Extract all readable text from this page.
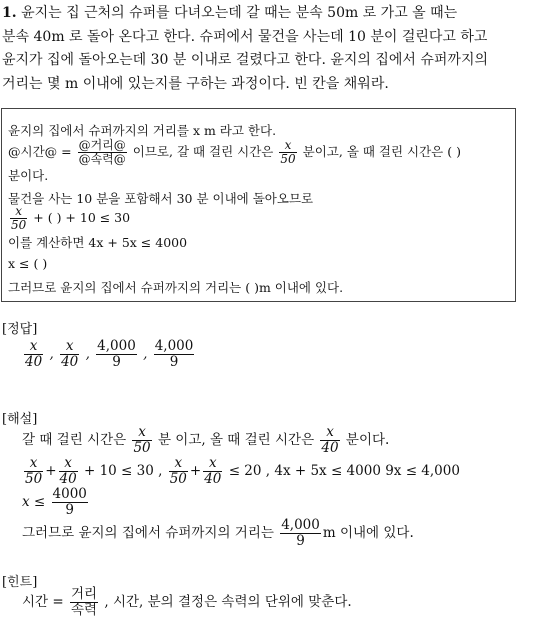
1. 윤지는 집 근처의 슈퍼를 다녀오는데 갈 때는 분속 50m 로 가고 올 때는
분속 40m 로 돌아 온다고 한다. 슈퍼에서 물건을 사는데 10 분이 걸린다고 하고
윤지가 집에 돌아오는데 30 분 이내로 걸렸다고 한다. 윤지의 집에서 슈퍼까지의
거리는 몇 m 이내에 있는지를 구하는 과정이다. 빈 칸을 채워라.
윤지의 집에서 슈퍼까지의 거리를 x m 라고 한다.
@시간@ = $\frac{\text{@거리@}}{\text{@속력@}}$ 이므로, 갈 때 걸린 시간은 $\frac{x}{50}$ 분이고, 올 때 걸린 시간은 ( )
분이다.
물건을 사는 10 분을 포함해서 30 분 이내에 돌아오므로
$\frac{x}{50}$ + ( ) + 10 ≤ 30
이를 계산하면 4x + 5x ≤ 4000
x ≤ ( )
그러므로 윤지의 집에서 슈퍼까지의 거리는 ( )m 이내에 있다.
[정답]
$\frac{x}{40}$ , $\frac{x}{40}$ , $\frac{4,000}{9}$ , $\frac{4,000}{9}$
[해설]
갈 때 걸린 시간은 $\frac{x}{50}$ 분 이고, 올 때 걸린 시간은 $\frac{x}{40}$ 분이다.
$\frac{x}{50} + \frac{x}{40} + 10 \le 30$ , $\frac{x}{50} + \frac{x}{40} \le 20$ , 4x + 5x ≤ 4000 9x ≤ 4,000
$x \le \frac{4000}{9}$
그러므로 윤지의 집에서 슈퍼까지의 거리는 $\frac{4,000}{9}$ m 이내에 있다.
[힌트]
시간 = $\frac{\text{거리}}{\text{속력}}$ , 시간, 분의 결정은 속력의 단위에 맞춘다.
